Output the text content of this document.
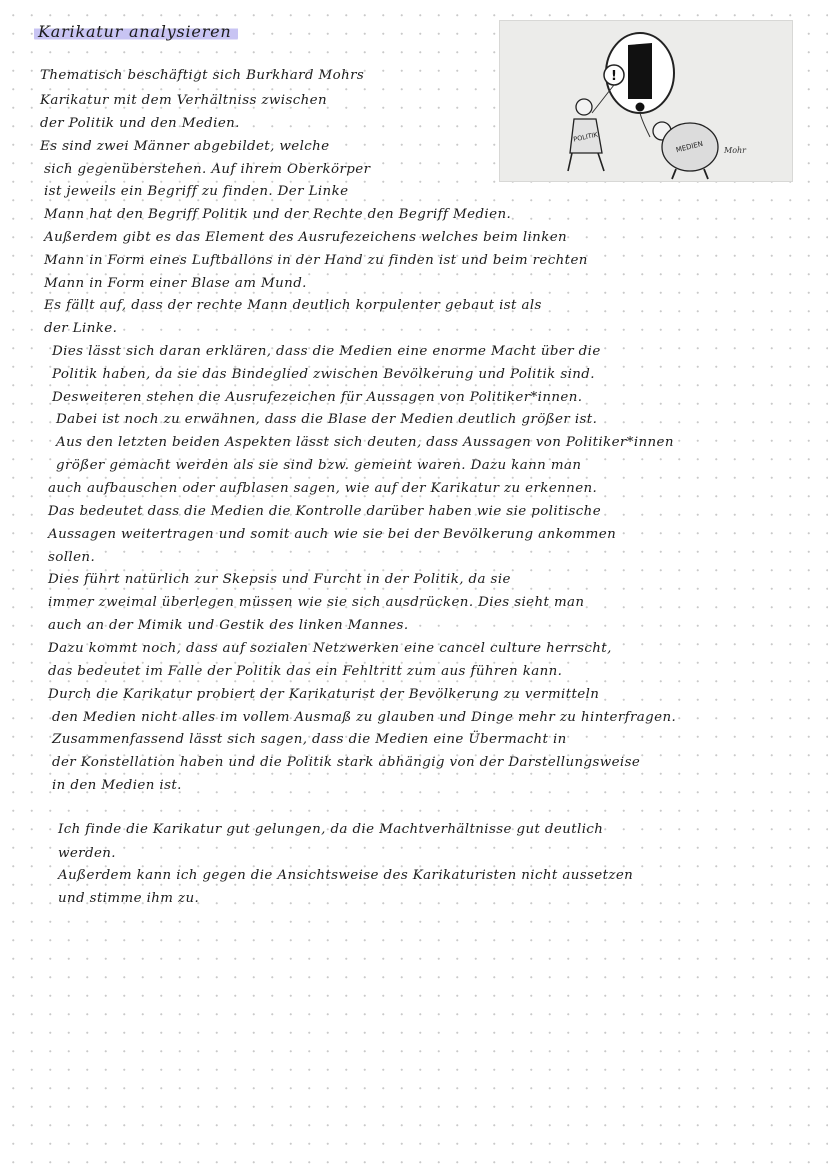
Karikatur analysieren
!
POLITIK
MEDIEN	Mohr
Thematisch beschäftigt sich Burkhard Mohrs
Karikatur mit dem Verhältniss zwischen
der Politik und den Medien.
Es sind zwei Männer abgebildet, welche
sich gegenüberstehen. Auf ihrem Oberkörper
ist jeweils ein Begriff zu finden. Der Linke
Mann hat den Begriff Politik und der Rechte den Begriff Medien.
Außerdem gibt es das Element des Ausrufezeichens welches beim linken
Mann in Form eines Luftballons in der Hand zu finden ist und beim rechten
Mann in Form einer Blase am Mund.
Es fällt auf, dass der rechte Mann deutlich korpulenter gebaut ist als
der Linke.
Dies lässt sich daran erklären, dass die Medien eine enorme Macht über die
Politik haben, da sie das Bindeglied zwischen Bevölkerung und Politik sind.
Desweiteren stehen die Ausrufezeichen für Aussagen von Politiker*innen.
Dabei ist noch zu erwähnen, dass die Blase der Medien deutlich größer ist.
Aus den letzten beiden Aspekten lässt sich deuten, dass Aussagen von Politiker*innen
größer gemacht werden als sie sind bzw. gemeint waren. Dazu kann man
auch aufbauschen oder aufblasen sagen, wie auf der Karikatur zu erkennen.
Das bedeutet dass die Medien die Kontrolle darüber haben wie sie politische
Aussagen weitertragen und somit auch wie sie bei der Bevölkerung ankommen
sollen.
Dies führt natürlich zur Skepsis und Furcht in der Politik, da sie
immer zweimal überlegen müssen wie sie sich ausdrücken. Dies sieht man
auch an der Mimik und Gestik des linken Mannes.
Dazu kommt noch, dass auf sozialen Netzwerken eine cancel culture herrscht,
das bedeutet im Falle der Politik das ein Fehltritt zum aus führen kann.
Durch die Karikatur probiert der Karikaturist der Bevölkerung zu vermitteln
den Medien nicht alles im vollem Ausmaß zu glauben und Dinge mehr zu hinterfragen.
Zusammenfassend lässt sich sagen, dass die Medien eine Übermacht in
der Konstellation haben und die Politik stark abhängig von der Darstellungsweise
in den Medien ist.
Ich finde die Karikatur gut gelungen, da die Machtverhältnisse gut deutlich
werden.
Außerdem kann ich gegen die Ansichtsweise des Karikaturisten nicht aussetzen
und stimme ihm zu.
